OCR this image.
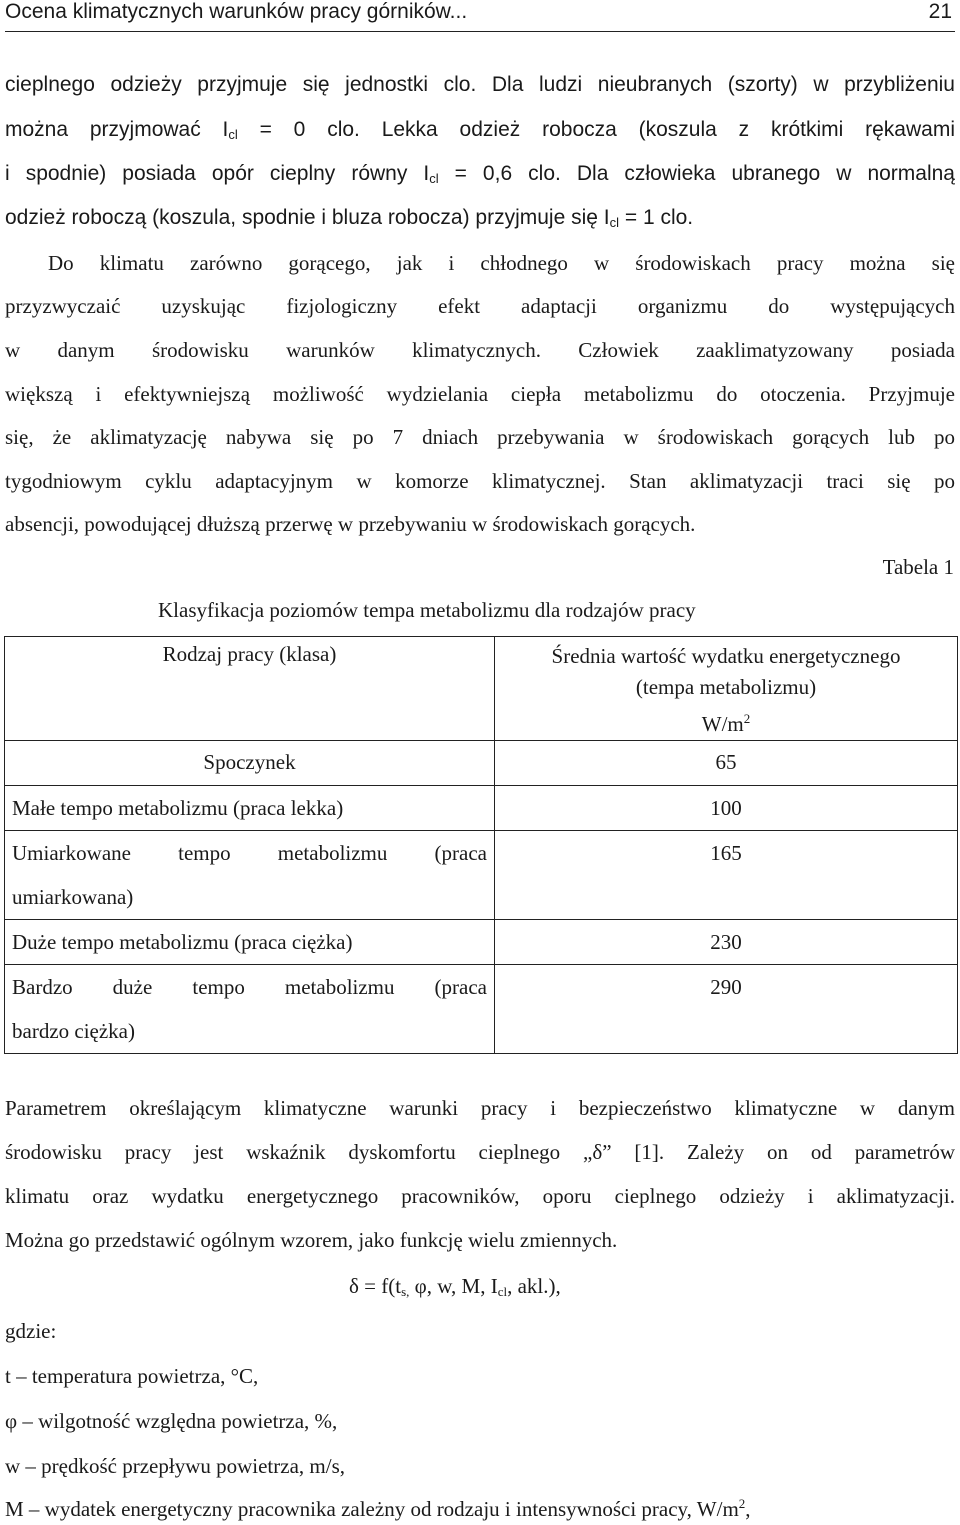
Ocena klimatycznych warunków pracy górników...	21
cieplnego odzieży przyjmuje się jednostki clo. Dla ludzi nieubranych (szorty) w przybliżeniu
można przyjmować $I_{cl} = 0$ clo. Lekka odzież robocza (koszula z krótkimi rękawami
i spodnie) posiada opór cieplny równy $I_{cl} = 0,6$ clo. Dla człowieka ubranego w normalną
odzież roboczą (koszula, spodnie i bluza robocza) przyjmuje się $I_{cl} = 1$ clo.
Do klimatu zarówno gorącego, jak i chłodnego w środowiskach pracy można się
przyzwyczaić uzyskując fizjologiczny efekt adaptacji organizmu do występujących
w danym środowisku warunków klimatycznych. Człowiek zaaklimatyzowany posiada
większą i efektywniejszą możliwość wydzielania ciepła metabolizmu do otoczenia. Przyjmuje
się, że aklimatyzację nabywa się po 7 dniach przebywania w środowiskach gorących lub po
tygodniowym cyklu adaptacyjnym w komorze klimatycznej. Stan aklimatyzacji traci się po
absencji, powodującej dłuższą przerwę w przebywaniu w środowiskach gorących.
Tabela 1
Klasyfikacja poziomów tempa metabolizmu dla rodzajów pracy
Rodzaj pracy (klasa)	Średnia wartość wydatku energetycznego
(tempa metabolizmu)
$W/m^2$

Spoczynek	65
Małe tempo metabolizmu (praca lekka)	100

Umiarkowane tempo metabolizmu (praca
umiarkowana)	165
Duże tempo metabolizmu (praca ciężka)	230

Bardzo duże tempo metabolizmu (praca
bardzo ciężka)	290
Parametrem określającym klimatyczne warunki pracy i bezpieczeństwo klimatyczne w danym
środowisku pracy jest wskaźnik dyskomfortu cieplnego „δ” [1]. Zależy on od parametrów
klimatu oraz wydatku energetycznego pracowników, oporu cieplnego odzieży i aklimatyzacji.
Można go przedstawić ogólnym wzorem, jako funkcję wielu zmiennych.
$\delta = f(t_{s,}$ φ, w, M, $I_{cl}$, akl.),
gdzie:
t – temperatura powietrza, °C,
φ – wilgotność względna powietrza, %,
w – prędkość przepływu powietrza, m/s,
M – wydatek energetyczny pracownika zależny od rodzaju i intensywności pracy, $W/m^2$,
